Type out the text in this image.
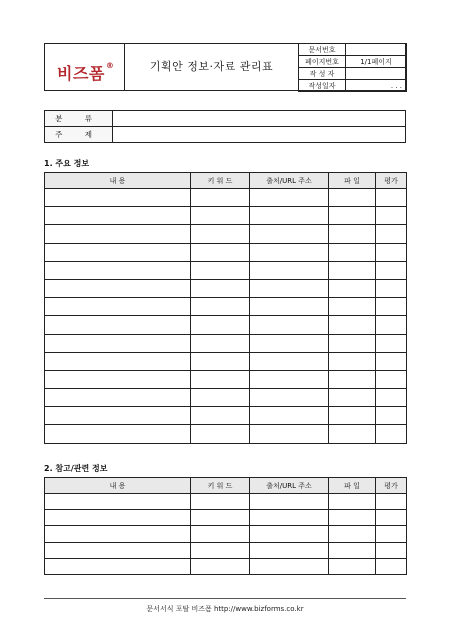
비즈폼®	기획안 정보·자료 관리표
문서번호	
페이지번호	1/1페이지
작 성 자	
작성일자	. . .
분 류	
주 제	
1. 주요 정보
내 용	키 워 드	출처/URL 주소	파 일	평가

2. 참고/관련 정보
내 용	키 워 드	출처/URL 주소	파 일	평가

문서서식 포탈 비즈폼 http://www.bizforms.co.kr
